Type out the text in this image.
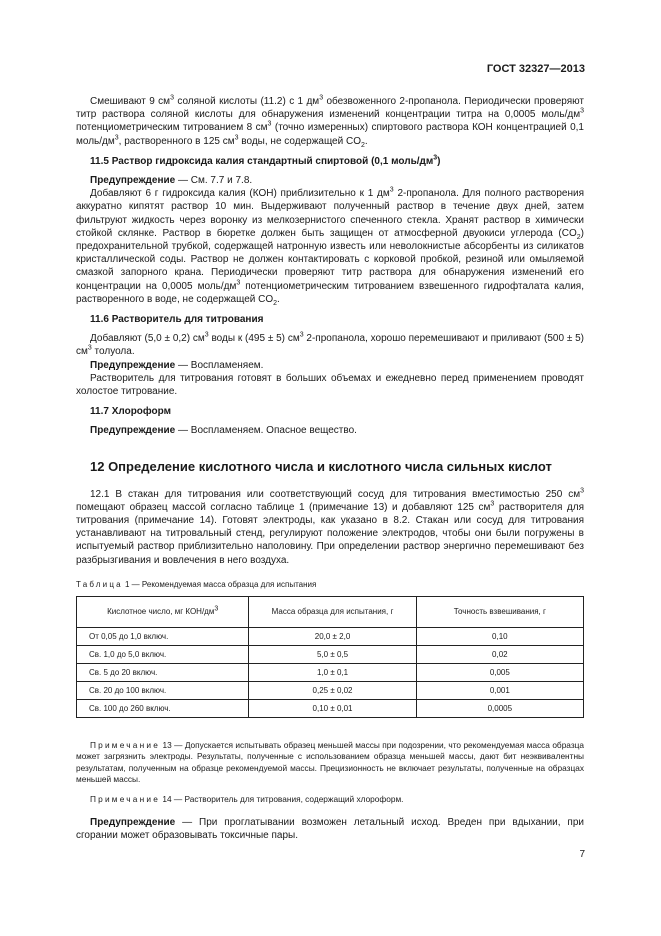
ГОСТ 32327—2013

Смешивают 9 $см^3$ соляной кислоты (11.2) с 1 $дм^3$ обезвоженного 2-пропанола. Периодически проверяют титр раствора соляной кислоты для обнаружения изменений концентрации титра на 0,0005 моль/$дм^3$ потенциометрическим титрованием 8 $см^3$ (точно измеренных) спиртового раствора КОН концентрацией 0,1 моль/$дм^3$, растворенного в 125 $см^3$ воды, не содержащей $CO_2$.

11.5 Раствор гидроксида калия стандартный спиртовой (0,1 моль/$дм^3$)

Предупреждение — См. 7.7 и 7.8.

Добавляют 6 г гидроксида калия (КОН) приблизительно к 1 $дм^3$ 2-пропанола. Для полного растворения аккуратно кипятят раствор 10 мин. Выдерживают полученный раствор в течение двух дней, затем фильтруют жидкость через воронку из мелкозернистого спеченного стекла. Хранят раствор в химически стойкой склянке. Раствор в бюретке должен быть защищен от атмосферной двуокиси углерода $(CO_2)$ предохранительной трубкой, содержащей натронную известь или неволокнистые абсорбенты из силикатов кристаллической соды. Раствор не должен контактировать с корковой пробкой, резиной или омыляемой смазкой запорного крана. Периодически проверяют титр раствора для обнаружения изменений его концентрации на 0,0005 моль/$дм^3$ потенциометрическим титрованием взвешенного гидрофталата калия, растворенного в воде, не содержащей $CO_2$.

11.6 Растворитель для титрования

Добавляют (5,0 ± 0,2) $см^3$ воды к (495 ± 5) $см^3$ 2-пропанола, хорошо перемешивают и приливают (500 ± 5) $см^3$ толуола.

Предупреждение — Воспламеняем.

Растворитель для титрования готовят в больших объемах и ежедневно перед применением проводят холостое титрование.

11.7 Хлороформ

Предупреждение — Воспламеняем. Опасное вещество.

12 Определение кислотного числа и кислотного числа сильных кислот

12.1 В стакан для титрования или соответствующий сосуд для титрования вместимостью 250 $см^3$ помещают образец массой согласно таблице 1 (примечание 13) и добавляют 125 $см^3$ растворителя для титрования (примечание 14). Готовят электроды, как указано в 8.2. Стакан или сосуд для титрования устанавливают на титровальный стенд, регулируют положение электродов, чтобы они были погружены в испытуемый раствор приблизительно наполовину. При определении раствор энергично перемешивают без разбрызгивания и вовлечения в него воздуха.

Таблица 1 — Рекомендуемая масса образца для испытания
Кислотное число, мг КОН/$дм^3$	Масса образца для испытания, г	Точность взвешивания, г
От 0,05 до 1,0 включ.	20,0 ± 2,0	0,10
Св. 1,0 до 5,0 включ.	5,0 ± 0,5	0,02
Св. 5 до 20 включ.	1,0 ± 0,1	0,005
Св. 20 до 100 включ.	0,25 ± 0,02	0,001
Св. 100 до 260 включ.	0,10 ± 0,01	0,0005

Примечание 13 — Допускается испытывать образец меньшей массы при подозрении, что рекомендуемая масса образца может загрязнить электроды. Результаты, полученные с использованием образца меньшей массы, дают бит неэквивалентны результатам, полученным на образце рекомендуемой массы. Прецизионность не включает результаты, полученные на образцах меньшей массы.

Примечание 14 — Растворитель для титрования, содержащий хлороформ.

Предупреждение — При проглатывании возможен летальный исход. Вреден при вдыхании, при сгорании может образовывать токсичные пары.

7
